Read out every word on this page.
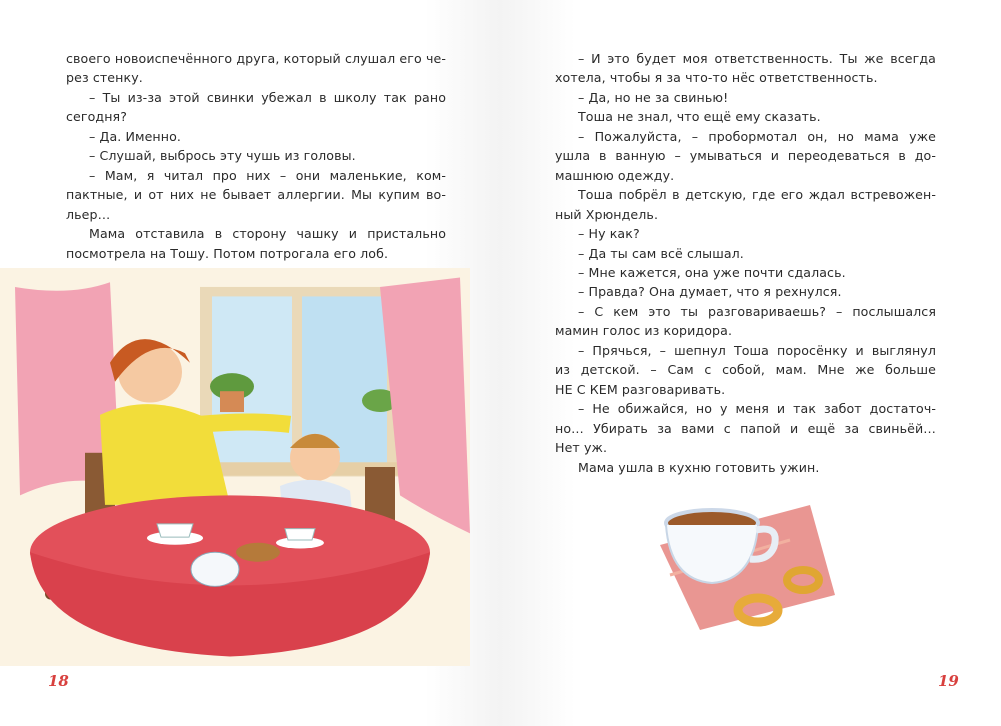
своего новоиспечённого друга, который слушал его че-
рез стенку.
– Ты из-за этой свинки убежал в школу так рано
сегодня?
– Да. Именно.
– Слушай, выбрось эту чушь из головы.
– Мам, я читал про них – они маленькие, ком-
пактные, и от них не бывает аллергии. Мы купим во-
льер…
Мама отставила в сторону чашку и пристально
посмотрела на Тошу. Потом потрогала его лоб.
18
– И это будет моя ответственность. Ты же всегда
хотела, чтобы я за что-то нёс ответственность.
– Да, но не за свинью!
Тоша не знал, что ещё ему сказать.
– Пожалуйста, – пробормотал он, но мама уже
ушла в ванную – умываться и переодеваться в до-
машнюю одежду.
Тоша побрёл в детскую, где его ждал встревожен-
ный Хрюндель.
– Ну как?
– Да ты сам всё слышал.
– Мне кажется, она уже почти сдалась.
– Правда? Она думает, что я рехнулся.
– С кем это ты разговариваешь? – послышался
мамин голос из коридора.
– Прячься, – шепнул Тоша поросёнку и выглянул
из детской. – Сам с собой, мам. Мне же больше
НЕ С КЕМ разговаривать.
– Не обижайся, но у меня и так забот достаточ-
но… Убирать за вами с папой и ещё за свиньёй…
Нет уж.
Мама ушла в кухню готовить ужин.
19
